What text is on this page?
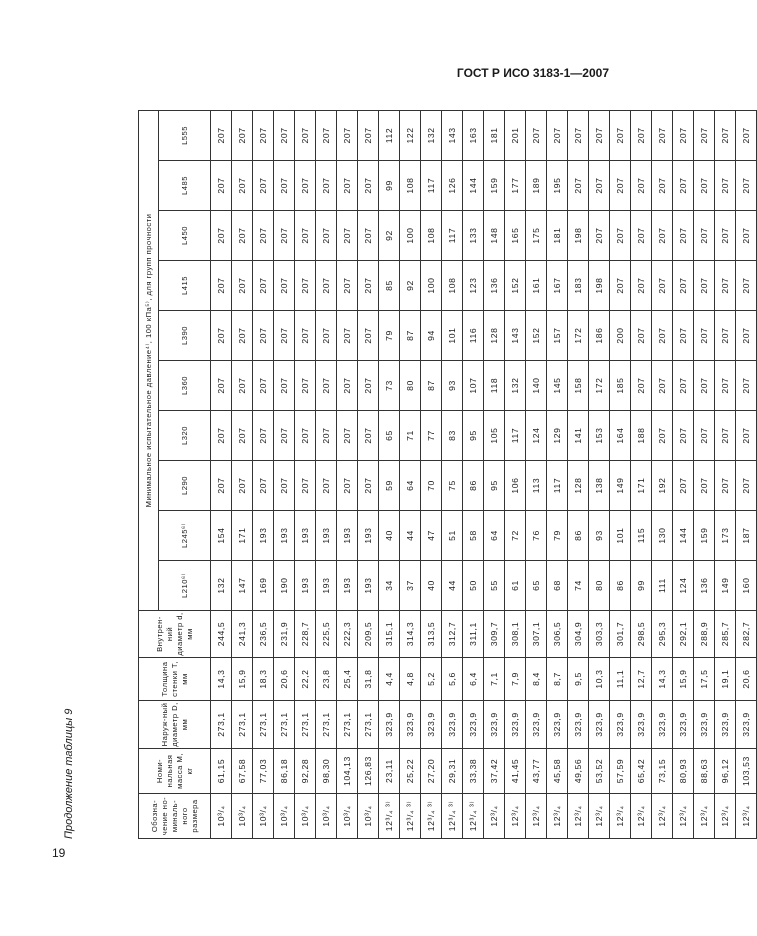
ГОСТ Р ИСО 3183-1—2007
19
Продолжение таблицы 9	Обозна-чение но-миналь-ного размера	Номи-нальная масса M, кг	Наруж-ный диаметр D, мм	Толщина стенки T, мм	Внутрен-ний диаметр d, мм	Минимальное испытательное давление⁴⁾, 100 кПа⁵⁾, для групп прочности									
					L210⁶⁾	L245⁶⁾	L290	L320	L360	L390	L415	L450	L485	L555
10³/₄	61,15	273,1	14,3	244,5	132	154	207	207	207	207	207	207	207	207
10³/₄	67,58	273,1	15,9	241,3	147	171	207	207	207	207	207	207	207	207
10³/₄	77,03	273,1	18,3	236,5	169	193	207	207	207	207	207	207	207	207
10³/₄	86,18	273,1	20,6	231,9	190	193	207	207	207	207	207	207	207	207
10³/₄	92,28	273,1	22,2	228,7	193	193	207	207	207	207	207	207	207	207
10³/₄	98,30	273,1	23,8	225,5	193	193	207	207	207	207	207	207	207	207
10³/₄	104,13	273,1	25,4	222,3	193	193	207	207	207	207	207	207	207	207
10³/₄	126,83	273,1	31,8	209,5	193	193	207	207	207	207	207	207	207	207
12³/₄ ³⁾	23,11	323,9	4,4	315,1	34	40	59	65	73	79	85	92	99	112
12³/₄ ³⁾	25,22	323,9	4,8	314,3	37	44	64	71	80	87	92	100	108	122
12³/₄ ³⁾	27,20	323,9	5,2	313,5	40	47	70	77	87	94	100	108	117	132
12³/₄ ³⁾	29,31	323,9	5,6	312,7	44	51	75	83	93	101	108	117	126	143
12³/₄ ³⁾	33,38	323,9	6,4	311,1	50	58	86	95	107	116	123	133	144	163
12³/₄	37,42	323,9	7,1	309,7	55	64	95	105	118	128	136	148	159	181
12³/₄	41,45	323,9	7,9	308,1	61	72	106	117	132	143	152	165	177	201
12³/₄	43,77	323,9	8,4	307,1	65	76	113	124	140	152	161	175	189	207
12³/₄	45,58	323,9	8,7	306,5	68	79	117	129	145	157	167	181	195	207
12³/₄	49,56	323,9	9,5	304,9	74	86	128	141	158	172	183	198	207	207
12³/₄	53,52	323,9	10,3	303,3	80	93	138	153	172	186	198	207	207	207
12³/₄	57,59	323,9	11,1	301,7	86	101	149	164	185	200	207	207	207	207
12³/₄	65,42	323,9	12,7	298,5	99	115	171	188	207	207	207	207	207	207
12³/₄	73,15	323,9	14,3	295,3	111	130	192	207	207	207	207	207	207	207
12³/₄	80,93	323,9	15,9	292,1	124	144	207	207	207	207	207	207	207	207
12³/₄	88,63	323,9	17,5	288,9	136	159	207	207	207	207	207	207	207	207
12³/₄	96,12	323,9	19,1	285,7	149	173	207	207	207	207	207	207	207	207
12³/₄	103,53	323,9	20,6	282,7	160	187	207	207	207	207	207	207	207	207
